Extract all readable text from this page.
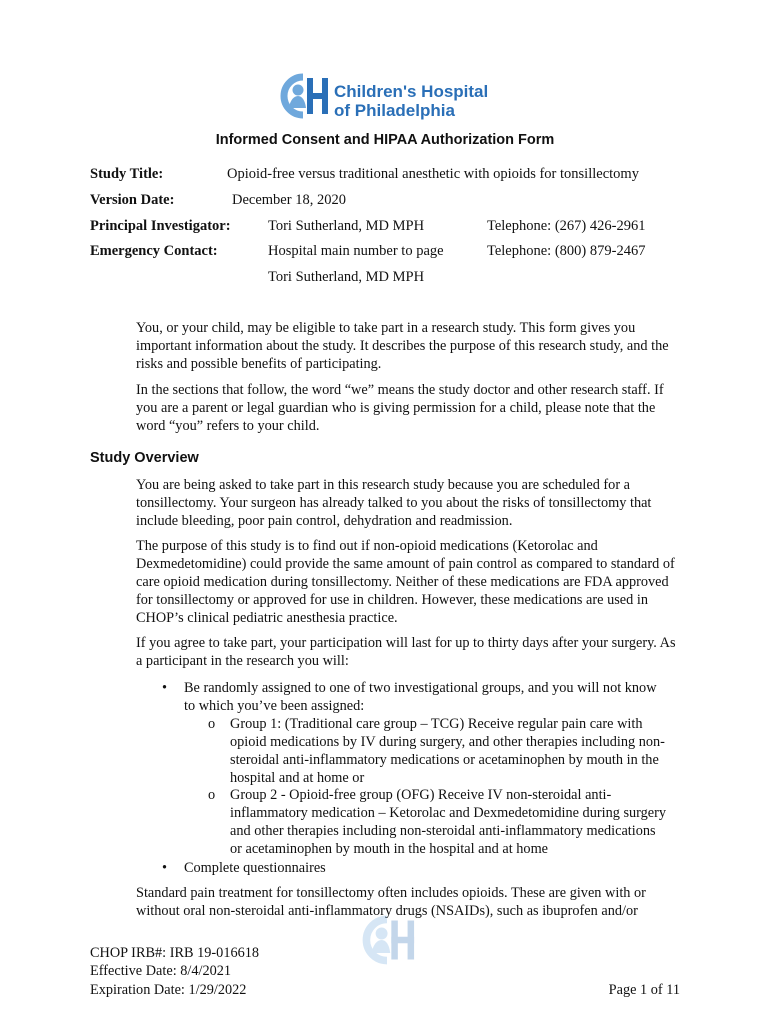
Children's Hospital
of Philadelphia
Informed Consent and HIPAA Authorization Form
Study Title:	Opioid-free versus traditional anesthetic with opioids for tonsillectomy
Version Date:	December 18, 2020
Principal Investigator:	Tori Sutherland, MD MPH	Telephone: (267) 426-2961
Emergency Contact:	Hospital main number to page	Telephone: (800) 879-2467
Tori Sutherland, MD MPH

You, or your child, may be eligible to take part in a research study. This form gives you important information about the study. It describes the purpose of this research study, and the risks and possible benefits of participating.

In the sections that follow, the word “we” means the study doctor and other research staff. If you are a parent or legal guardian who is giving permission for a child, please note that the word “you” refers to your child.

Study Overview

You are being asked to take part in this research study because you are scheduled for a tonsillectomy. Your surgeon has already talked to you about the risks of tonsillectomy that include bleeding, poor pain control, dehydration and readmission.

The purpose of this study is to find out if non-opioid medications (Ketorolac and Dexmedetomidine) could provide the same amount of pain control as compared to standard of care opioid medication during tonsillectomy. Neither of these medications are FDA approved for tonsillectomy or approved for use in children. However, these medications are used in CHOP’s clinical pediatric anesthesia practice.

If you agree to take part, your participation will last for up to thirty days after your surgery. As a participant in the research you will:

• Be randomly assigned to one of two investigational groups, and you will not know to which you’ve been assigned:
o Group 1: (Traditional care group – TCG) Receive regular pain care with opioid medications by IV during surgery, and other therapies including non-steroidal anti-inflammatory medications or acetaminophen by mouth in the hospital and at home or
o Group 2 - Opioid-free group (OFG) Receive IV non-steroidal anti-inflammatory medication – Ketorolac and Dexmedetomidine during surgery and other therapies including non-steroidal anti-inflammatory medications or acetaminophen by mouth in the hospital and at home
• Complete questionnaires

Standard pain treatment for tonsillectomy often includes opioids. These are given with or without oral non-steroidal anti-inflammatory drugs (NSAIDs), such as ibuprofen and/or

CHOP IRB#: IRB 19-016618
Effective Date: 8/4/2021
Expiration Date: 1/29/2022	Page 1 of 11
